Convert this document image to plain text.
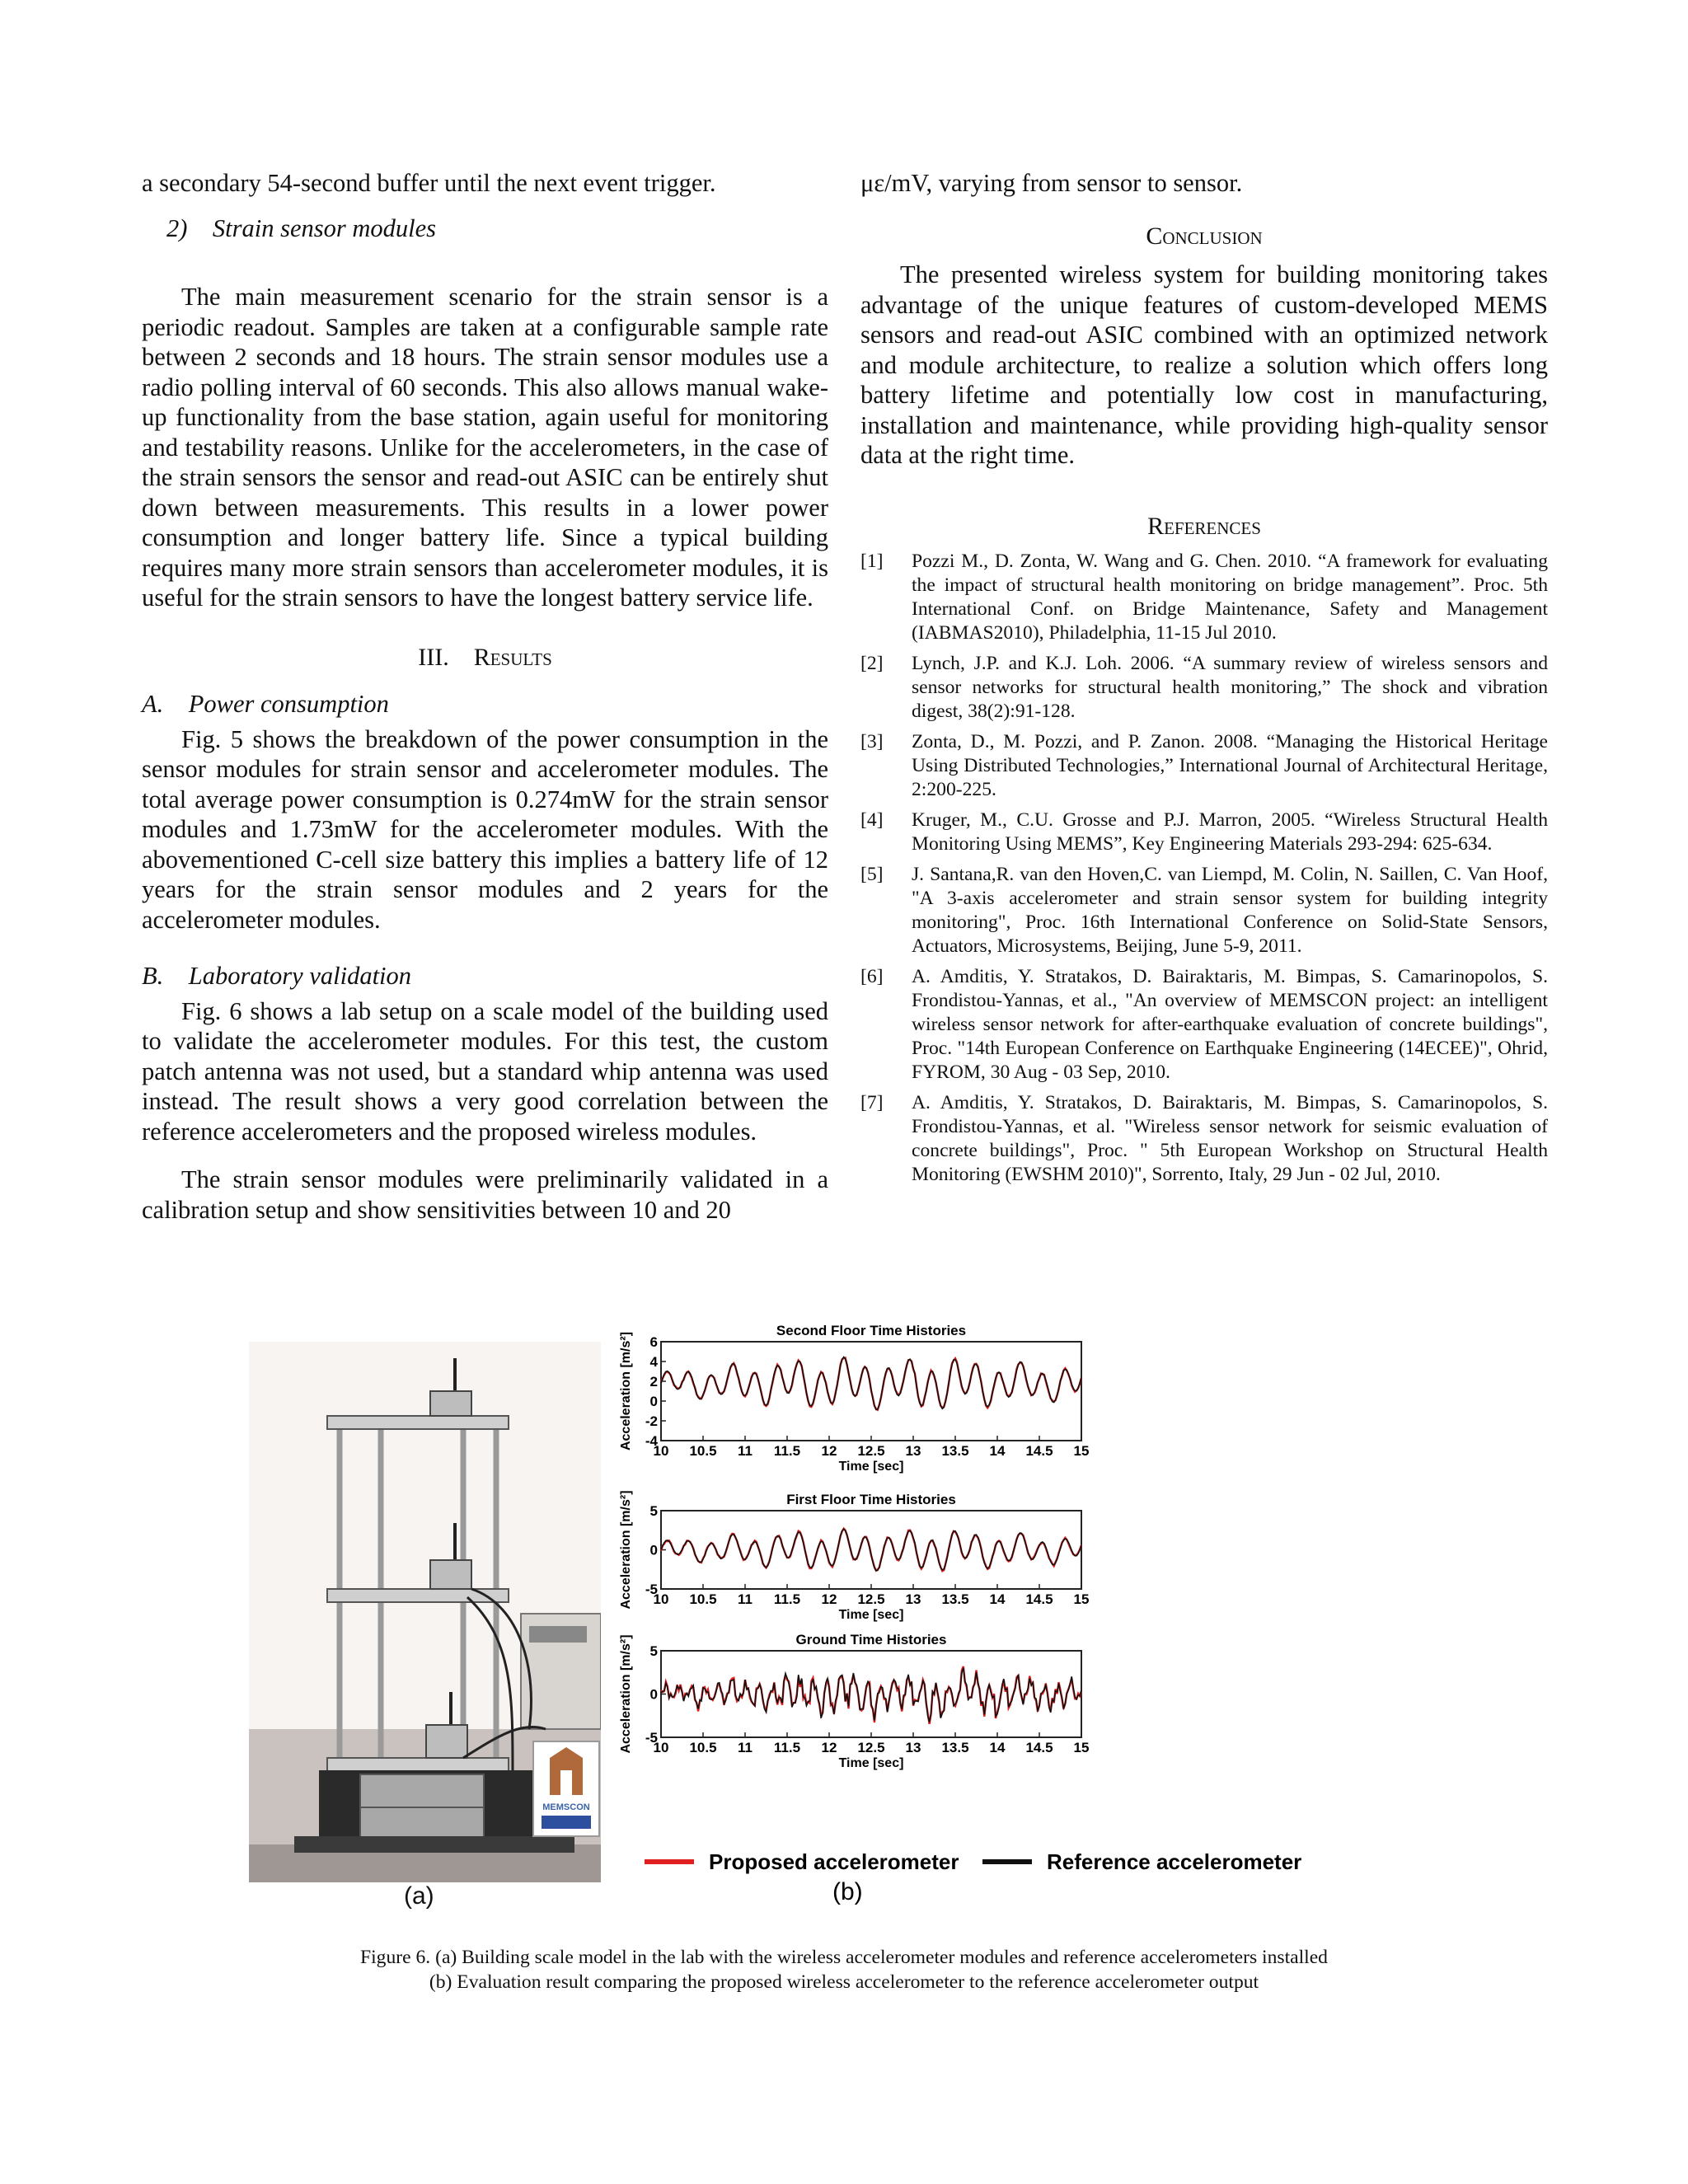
a secondary 54-second buffer until the next event trigger.

2)    Strain sensor modules

The main measurement scenario for the strain sensor is a periodic readout. Samples are taken at a configurable sample rate between 2 seconds and 18 hours. The strain sensor modules use a radio polling interval of 60 seconds. This also allows manual wake-up functionality from the base station, again useful for monitoring and testability reasons. Unlike for the accelerometers, in the case of the strain sensors the sensor and read-out ASIC can be entirely shut down between measurements. This results in a lower power consumption and longer battery life. Since a typical building requires many more strain sensors than accelerometer modules, it is useful for the strain sensors to have the longest battery service life.

III.    Results

A.    Power consumption

Fig. 5 shows the breakdown of the power consumption in the sensor modules for strain sensor and accelerometer modules. The total average power consumption is 0.274mW for the strain sensor modules and 1.73mW for the accelerometer modules. With the abovementioned C-cell size battery this implies a battery life of 12 years for the strain sensor modules and 2 years for the accelerometer modules.

B.    Laboratory validation

Fig. 6 shows a lab setup on a scale model of the building used to validate the accelerometer modules. For this test, the custom patch antenna was not used, but a standard whip antenna was used instead. The result shows a very good correlation between the reference accelerometers and the proposed wireless modules.

The strain sensor modules were preliminarily validated in a calibration setup and show sensitivities between 10 and 20

με/mV, varying from sensor to sensor.

Conclusion

The presented wireless system for building monitoring takes advantage of the unique features of custom-developed MEMS sensors and read-out ASIC combined with an optimized network and module architecture, to realize a solution which offers long battery lifetime and potentially low cost in manufacturing, installation and maintenance, while providing high-quality sensor data at the right time.

References

[1]	Pozzi M., D. Zonta, W. Wang and G. Chen. 2010. “A framework for evaluating the impact of structural health monitoring on bridge management”. Proc. 5th International Conf. on Bridge Maintenance, Safety and Management (IABMAS2010), Philadelphia, 11-15 Jul 2010.
[2]	Lynch, J.P. and K.J. Loh. 2006. “A summary review of wireless sensors and sensor networks for structural health monitoring,” The shock and vibration digest, 38(2):91-128.
[3]	Zonta, D., M. Pozzi, and P. Zanon. 2008. “Managing the Historical Heritage Using Distributed Technologies,” International Journal of Architectural Heritage, 2:200-225.
[4]	Kruger, M., C.U. Grosse and P.J. Marron, 2005. “Wireless Structural Health Monitoring Using MEMS”, Key Engineering Materials 293-294: 625-634.
[5]	J. Santana,R. van den Hoven,C. van Liempd, M. Colin, N. Saillen, C. Van Hoof, "A 3-axis accelerometer and strain sensor system for building integrity monitoring", Proc. 16th International Conference on Solid-State Sensors, Actuators, Microsystems, Beijing, June 5-9, 2011.
[6]	A. Amditis, Y. Stratakos, D. Bairaktaris, M. Bimpas, S. Camarinopolos, S. Frondistou-Yannas, et al., "An overview of MEMSCON project: an intelligent wireless sensor network for after-earthquake evaluation of concrete buildings", Proc. "14th European Conference on Earthquake Engineering (14ECEE)", Ohrid, FYROM, 30 Aug - 03 Sep, 2010.
[7]	A. Amditis, Y. Stratakos, D. Bairaktaris, M. Bimpas, S. Camarinopolos, S. Frondistou-Yannas, et al. "Wireless sensor network for seismic evaluation of concrete buildings", Proc. " 5th European Workshop on Structural Health Monitoring (EWSHM 2010)", Sorrento, Italy, 29 Jun - 02 Jul, 2010.
MEMSCON
Second Floor Time Histories
6
4
2
0
-2
-4
10 10.5 11 11.5 12 12.5 13 13.5 14 14.5 15
Time [sec]
Acceleration [m/s²]
First Floor Time Histories
5
0
-5
10 10.5 11 11.5 12 12.5 13 13.5 14 14.5 15
Time [sec]
Acceleration [m/s²]
Ground Time Histories
5
0
-5
10 10.5 11 11.5 12 12.5 13 13.5 14 14.5 15
Time [sec]
Acceleration [m/s²]
Proposed accelerometer	Reference accelerometer
(b)
(a)
Figure 6. (a) Building scale model in the lab with the wireless accelerometer modules and reference accelerometers installed
(b) Evaluation result comparing the proposed wireless accelerometer to the reference accelerometer output
